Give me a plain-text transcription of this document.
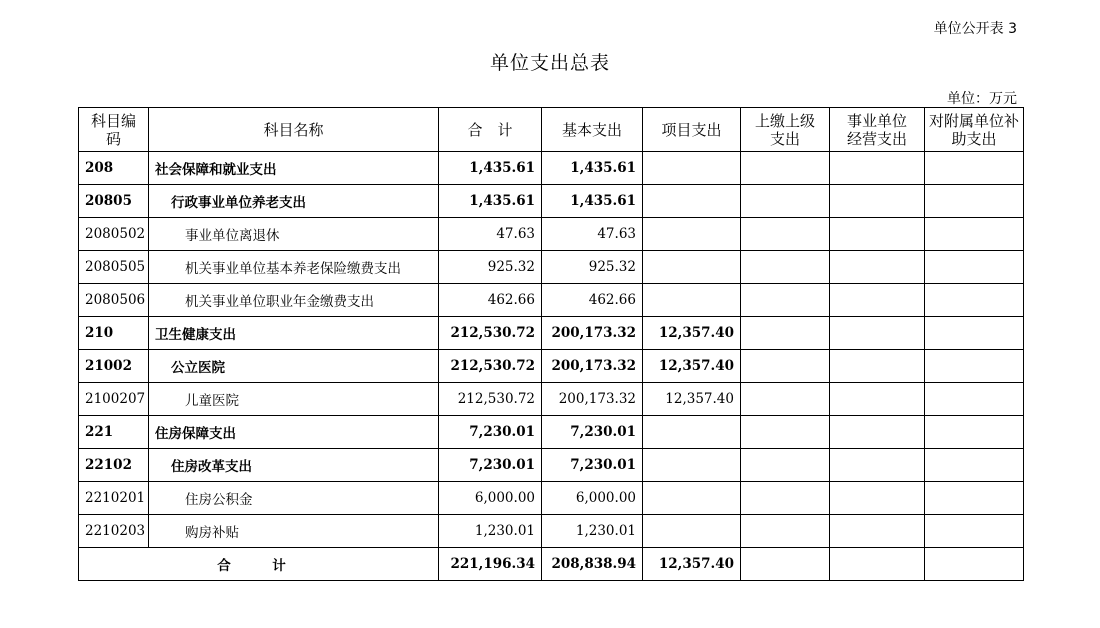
单位公开表 3
单位支出总表
单位：万元
科目编码	科目名称	合　计	基本支出	项目支出	上缴上级支出	事业单位经营支出	对附属单位补助支出
208	社会保障和就业支出	1,435.61	1,435.61				
20805	行政事业单位养老支出	1,435.61	1,435.61				
2080502	事业单位离退休	47.63	47.63				
2080505	机关事业单位基本养老保险缴费支出	925.32	925.32				
2080506	机关事业单位职业年金缴费支出	462.66	462.66				
210	卫生健康支出	212,530.72	200,173.32	12,357.40			
21002	公立医院	212,530.72	200,173.32	12,357.40			
2100207	儿童医院	212,530.72	200,173.32	12,357.40			
221	住房保障支出	7,230.01	7,230.01				
22102	住房改革支出	7,230.01	7,230.01				
2210201	住房公积金	6,000.00	6,000.00				
2210203	购房补贴	1,230.01	1,230.01				
合　计		221,196.34	208,838.94	12,357.40			
